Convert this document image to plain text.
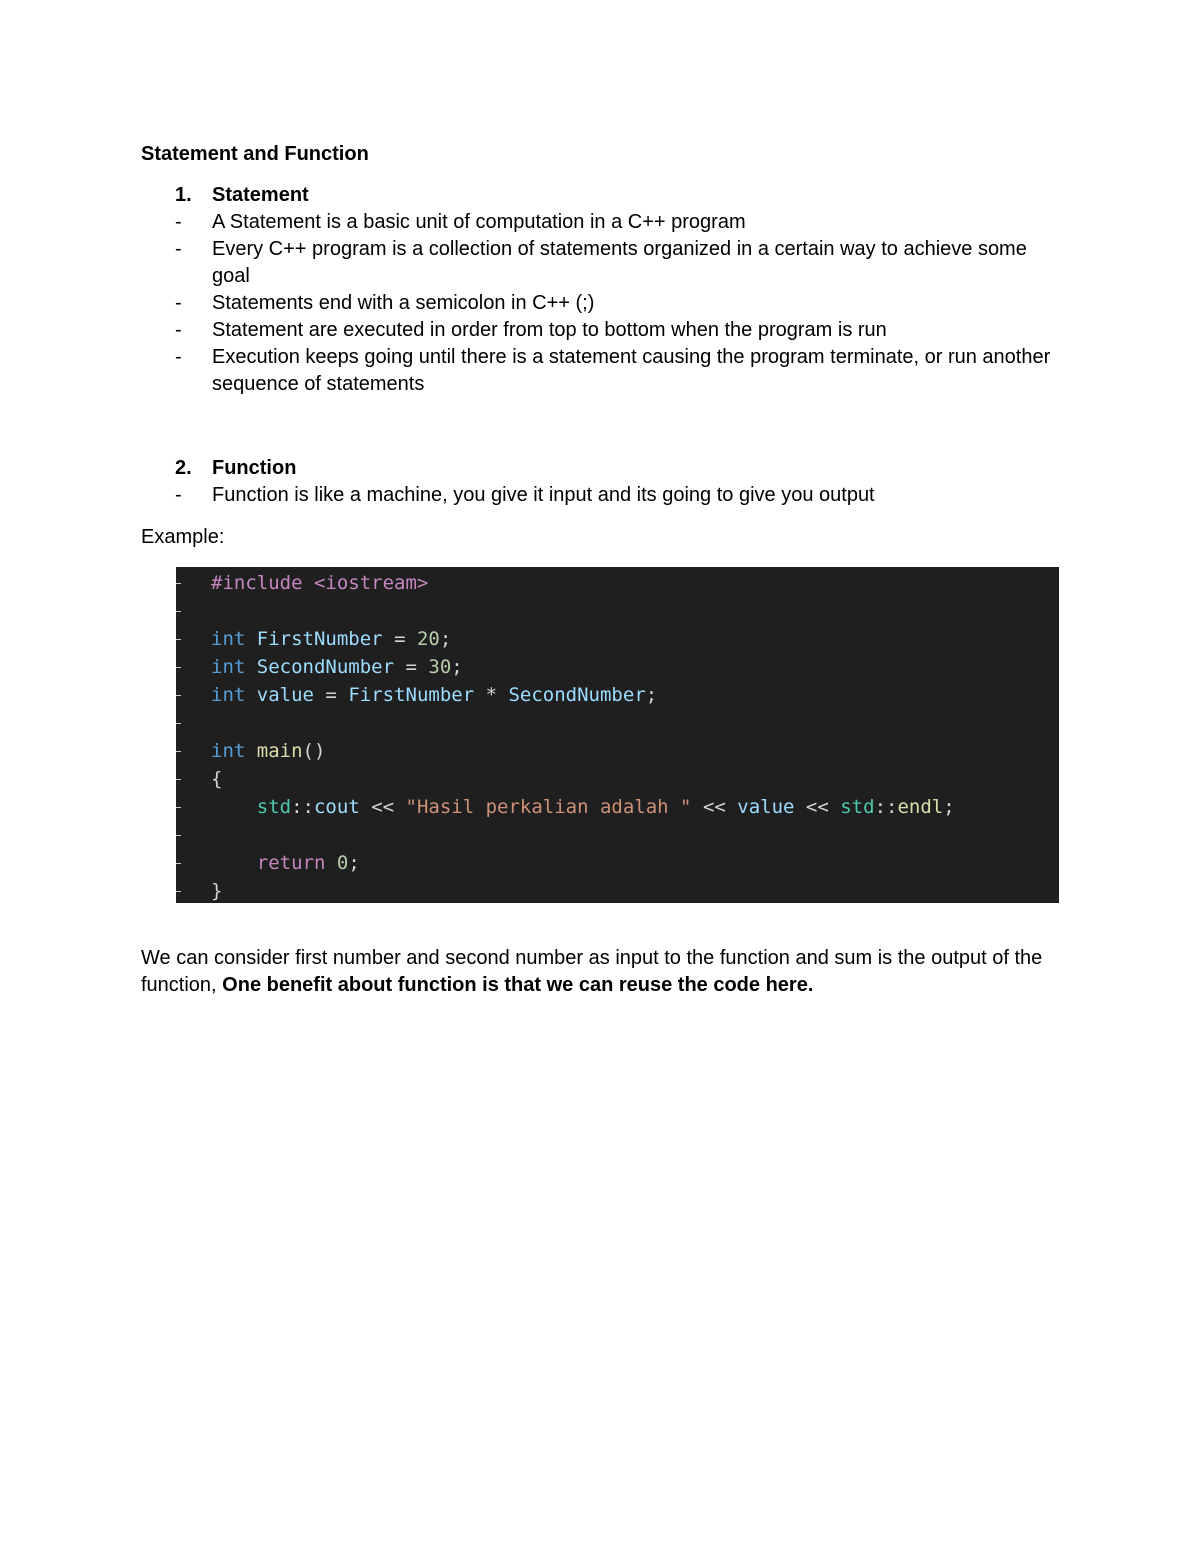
Statement and Function
1. Statement
- A Statement is a basic unit of computation in a C++ program
- Every C++ program is a collection of statements organized in a certain way to achieve some goal
- Statements end with a semicolon in C++ (;)
- Statement are executed in order from top to bottom when the program is run
- Execution keeps going until there is a statement causing the program terminate, or run another sequence of statements
2. Function
- Function is like a machine, you give it input and its going to give you output
Example:
#include <iostream>
int FirstNumber = 20;
int SecondNumber = 30;
int value = FirstNumber * SecondNumber;
int main()
{
std::cout << "Hasil perkalian adalah " << value << std::endl;
return 0;
}
We can consider first number and second number as input to the function and sum is the output of the function, One benefit about function is that we can reuse the code here.
